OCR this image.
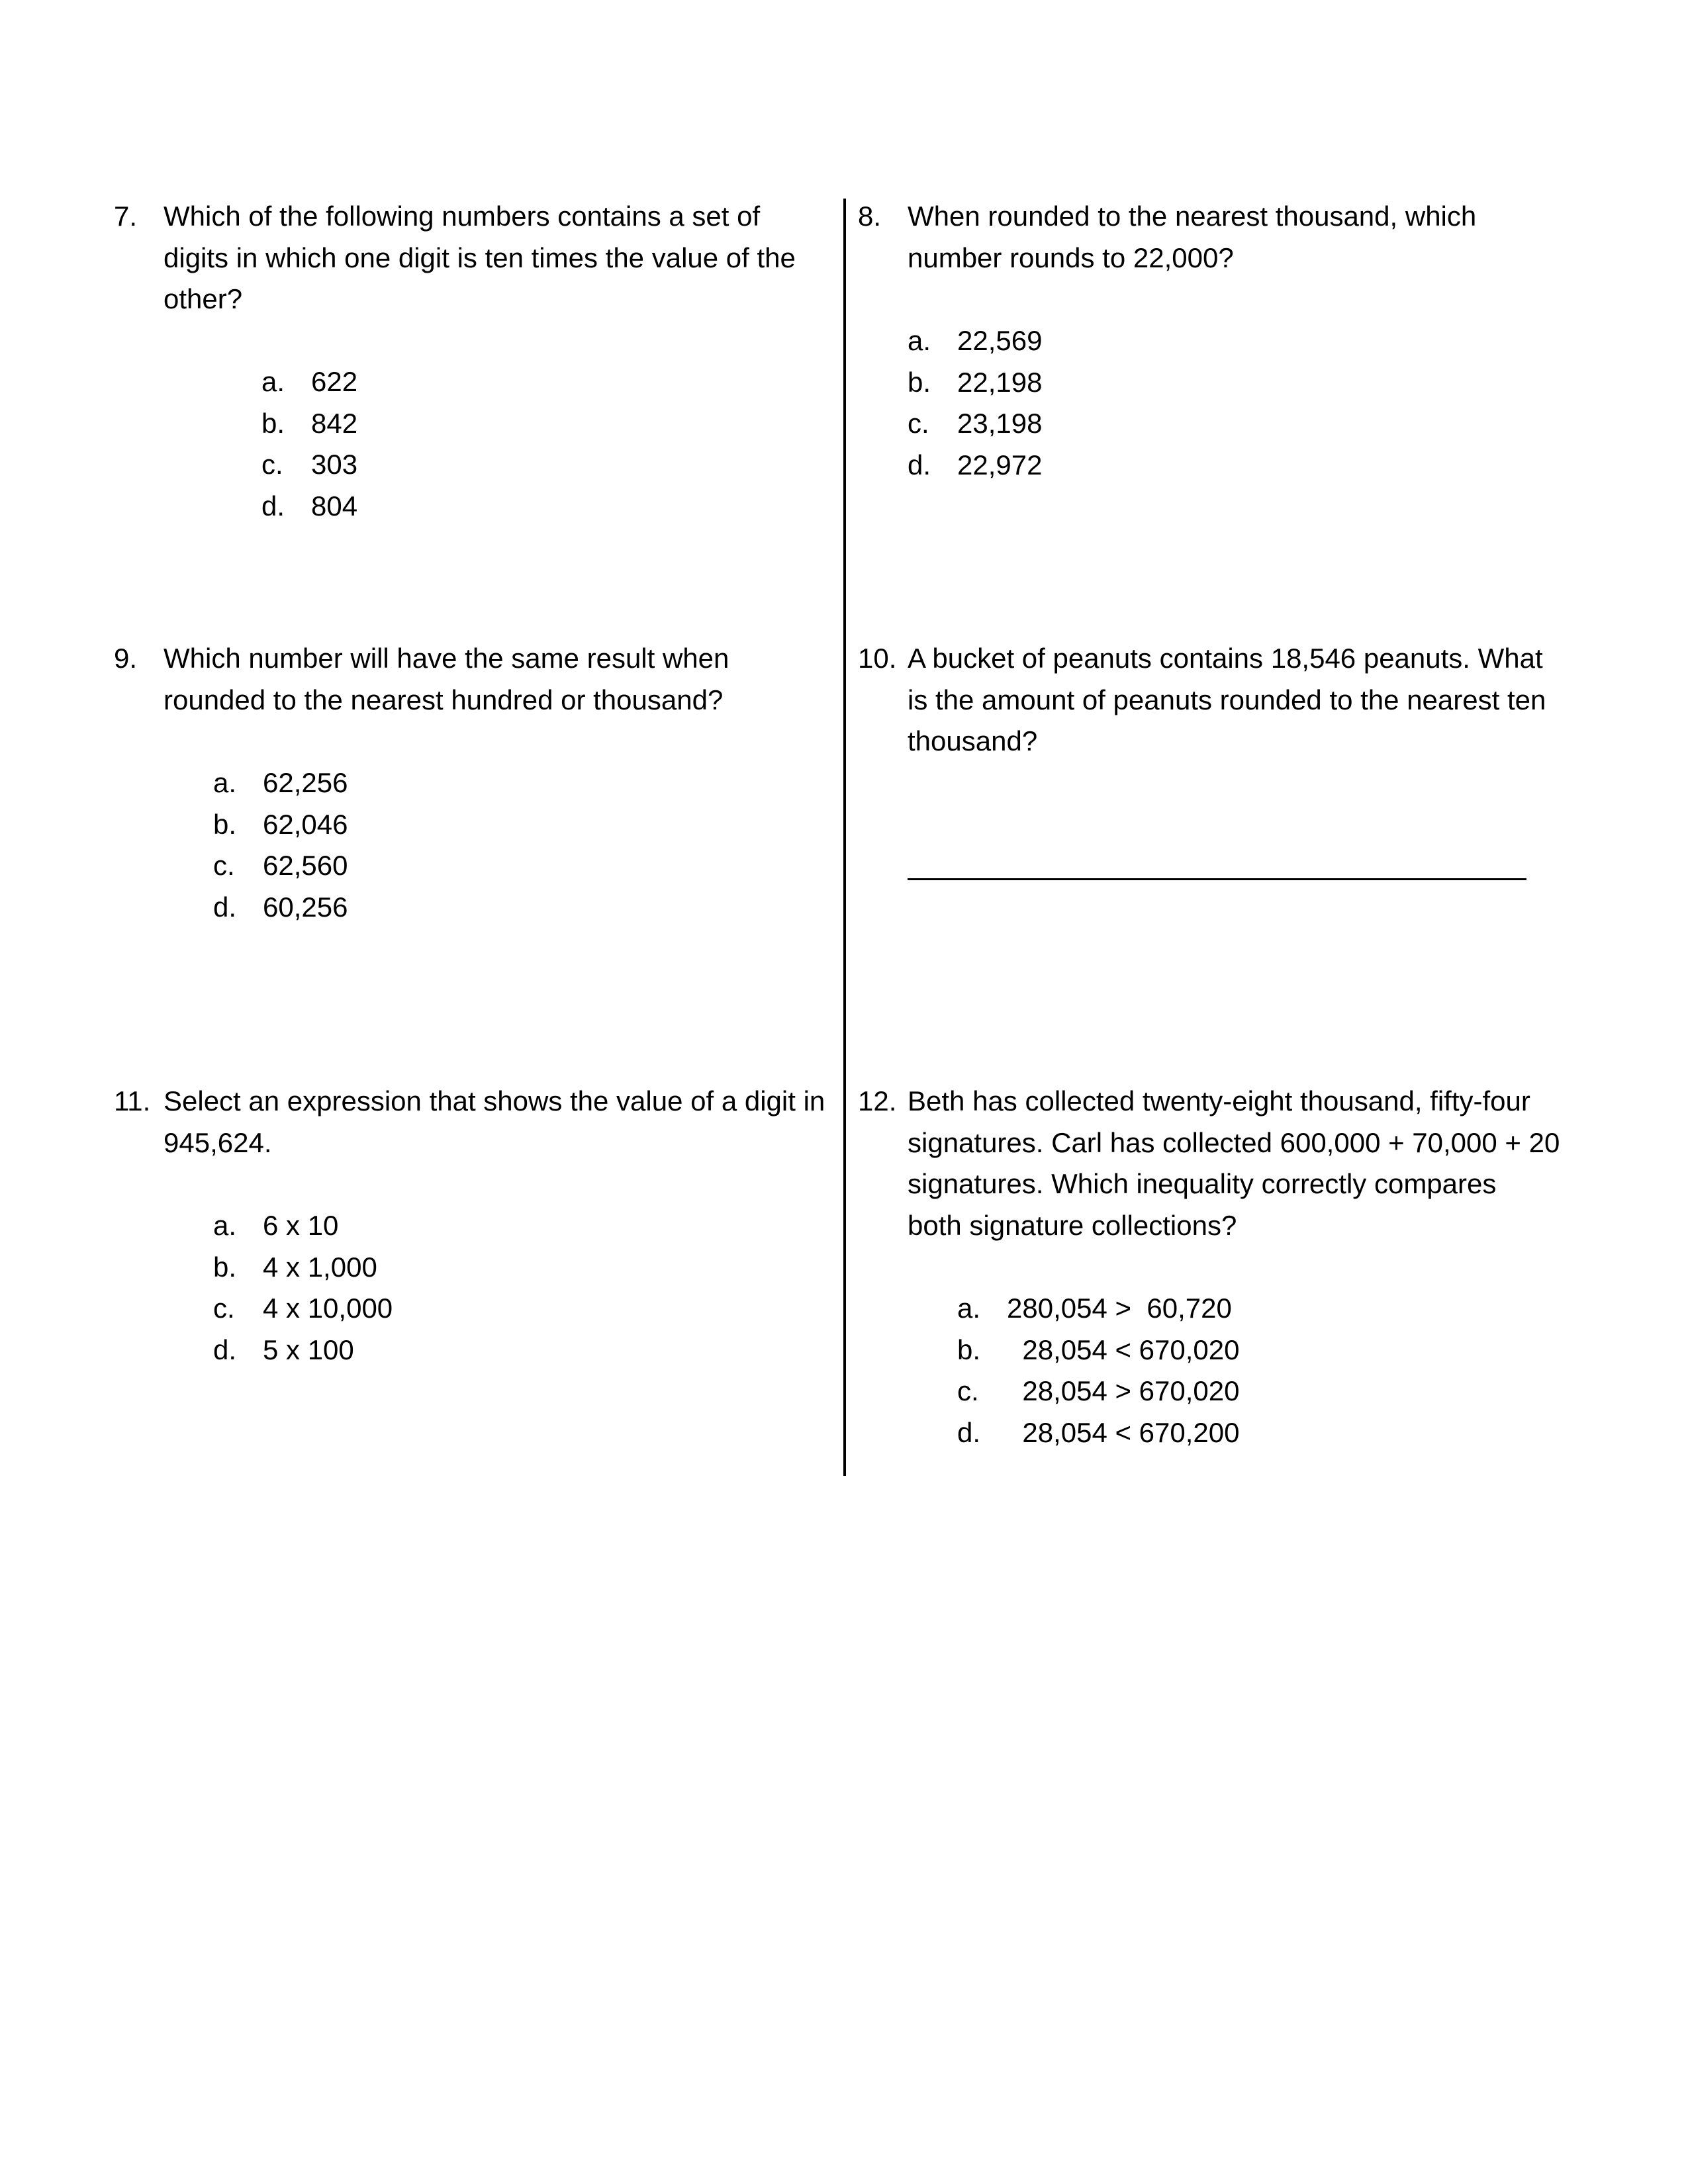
7. Which of the following numbers contains a set of
digits in which one digit is ten times the value of the
other?
a. 622
b. 842
c. 303
d. 804
8. When rounded to the nearest thousand, which
number rounds to 22,000?
a. 22,569
b. 22,198
c. 23,198
d. 22,972
9. Which number will have the same result when
rounded to the nearest hundred or thousand?
a. 62,256
b. 62,046
c. 62,560
d. 60,256
10. A bucket of peanuts contains 18,546 peanuts. What
is the amount of peanuts rounded to the nearest ten
thousand?
11. Select an expression that shows the value of a digit in
945,624.
a. 6 x 10
b. 4 x 1,000
c. 4 x 10,000
d. 5 x 100
12. Beth has collected twenty-eight thousand, fifty-four
signatures. Carl has collected 600,000 + 70,000 + 20
signatures. Which inequality correctly compares
both signature collections?
a. 280,054 >  60,720
b. 28,054 < 670,020
c. 28,054 > 670,020
d. 28,054 < 670,200
